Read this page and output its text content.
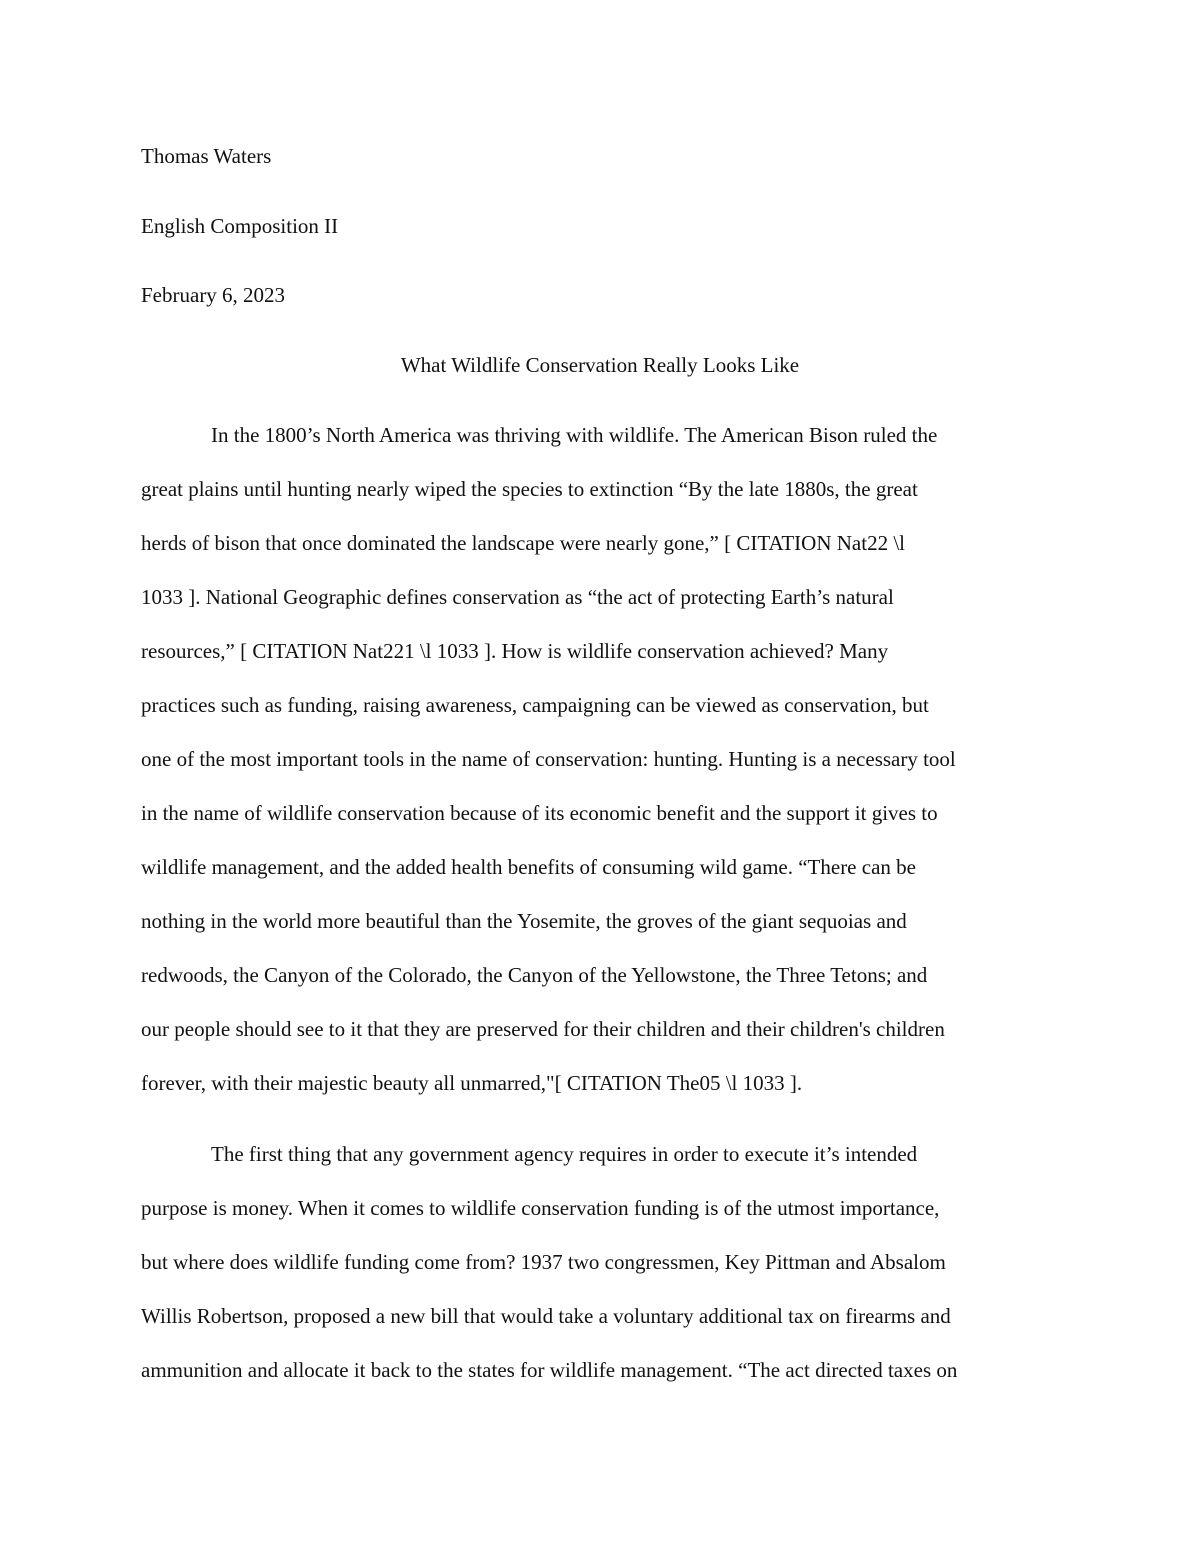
Thomas Waters
English Composition II
February 6, 2023
What Wildlife Conservation Really Looks Like
In the 1800’s North America was thriving with wildlife. The American Bison ruled the
great plains until hunting nearly wiped the species to extinction “By the late 1880s, the great
herds of bison that once dominated the landscape were nearly gone,” [ CITATION Nat22 \l
1033 ]. National Geographic defines conservation as “the act of protecting Earth’s natural
resources,” [ CITATION Nat221 \l 1033 ]. How is wildlife conservation achieved? Many
practices such as funding, raising awareness, campaigning can be viewed as conservation, but
one of the most important tools in the name of conservation: hunting. Hunting is a necessary tool
in the name of wildlife conservation because of its economic benefit and the support it gives to
wildlife management, and the added health benefits of consuming wild game. “There can be
nothing in the world more beautiful than the Yosemite, the groves of the giant sequoias and
redwoods, the Canyon of the Colorado, the Canyon of the Yellowstone, the Three Tetons; and
our people should see to it that they are preserved for their children and their children's children
forever, with their majestic beauty all unmarred,"[ CITATION The05 \l 1033 ].
The first thing that any government agency requires in order to execute it’s intended
purpose is money. When it comes to wildlife conservation funding is of the utmost importance,
but where does wildlife funding come from? 1937 two congressmen, Key Pittman and Absalom
Willis Robertson, proposed a new bill that would take a voluntary additional tax on firearms and
ammunition and allocate it back to the states for wildlife management. “The act directed taxes on
